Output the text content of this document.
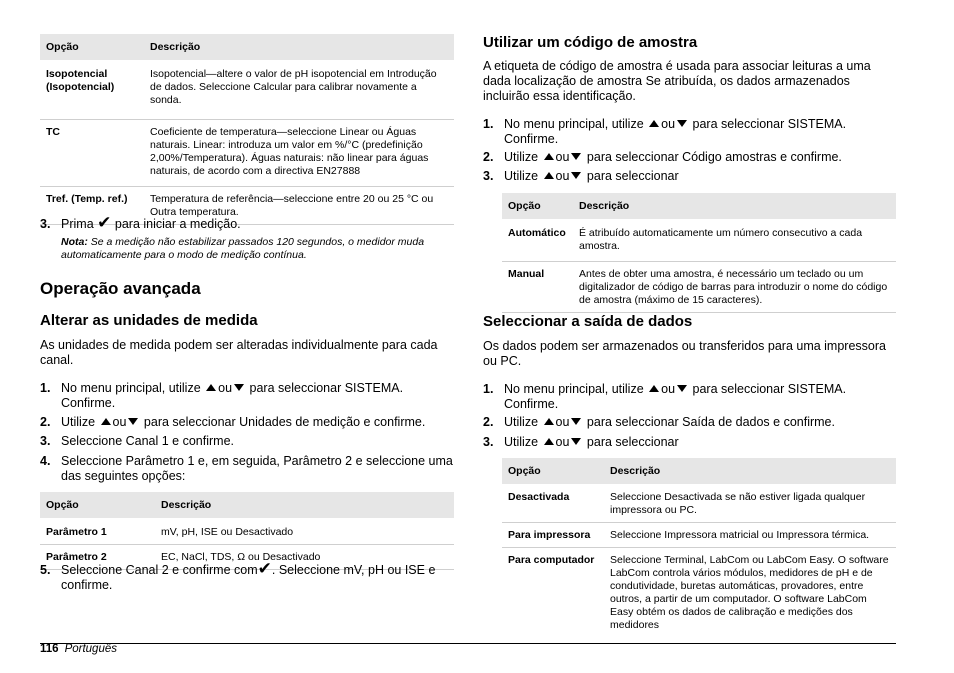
Opção	Descrição
Isopotencial (Isopotencial)	Isopotencial—altere o valor de pH isopotencial em Introdução de dados. Seleccione Calcular para calibrar novamente a sonda.
TC	Coeficiente de temperatura—seleccione Linear ou Águas naturais. Linear: introduza um valor em %/°C (predefinição 2,00%/Temperatura). Águas naturais: não linear para águas naturais, de acordo com a directiva EN27888
Tref. (Temp. ref.)	Temperatura de referência—seleccione entre 20 ou 25 °C ou Outra temperatura.
3. Prima ✔ para iniciar a medição.

Nota: Se a medição não estabilizar passados 120 segundos, o medidor muda automaticamente para o modo de medição contínua.

Operação avançada
Alterar as unidades de medida

As unidades de medida podem ser alteradas individualmente para cada canal.

1. No menu principal, utilize ou para seleccionar SISTEMA. Confirme.
2. Utilize ou para seleccionar Unidades de medição e confirme.
3. Seleccione Canal 1 e confirme.
4. Seleccione Parâmetro 1 e, em seguida, Parâmetro 2 e seleccione uma das seguintes opções:
Opção	Descrição
Parâmetro 1	mV, pH, ISE ou Desactivado
Parâmetro 2	EC, NaCl, TDS, Ω ou Desactivado
5. Seleccione Canal 2 e confirme com✔. Seleccione mV, pH ou ISE e confirme.
Utilizar um código de amostra

A etiqueta de código de amostra é usada para associar leituras a uma dada localização de amostra Se atribuída, os dados armazenados incluirão essa identificação.

1. No menu principal, utilize ou para seleccionar SISTEMA. Confirme.
2. Utilize ou para seleccionar Código amostras e confirme.
3. Utilize ou para seleccionar
Opção	Descrição
Automático	É atribuído automaticamente um número consecutivo a cada amostra.
Manual	Antes de obter uma amostra, é necessário um teclado ou um digitalizador de código de barras para introduzir o nome do código de amostra (máximo de 15 caracteres).
Seleccionar a saída de dados

Os dados podem ser armazenados ou transferidos para uma impressora ou PC.

1. No menu principal, utilize ou para seleccionar SISTEMA. Confirme.
2. Utilize ou para seleccionar Saída de dados e confirme.
3. Utilize ou para seleccionar
Opção	Descrição
Desactivada	Seleccione Desactivada se não estiver ligada qualquer impressora ou PC.
Para impressora	Seleccione Impressora matricial ou Impressora térmica.
Para computador	Seleccione Terminal, LabCom ou LabCom Easy. O software LabCom controla vários módulos, medidores de pH e de condutividade, buretas automáticas, provadores, entre outros, a partir de um computador. O software LabCom Easy obtém os dados de calibração e medições dos medidores
116 Português
